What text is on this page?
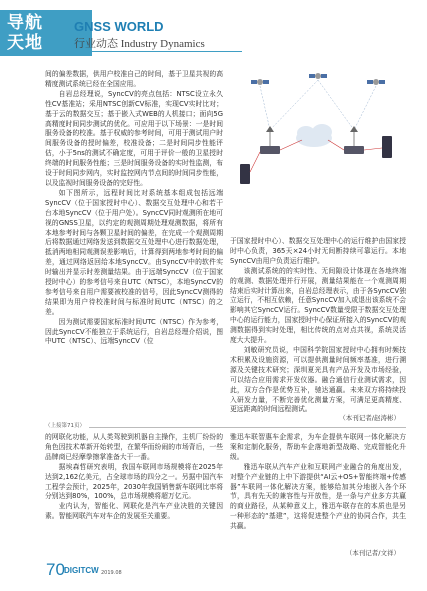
导航
天地
GNSS WORLD
行业动态 Industry Dynamics

间的偏差数据，供用户校准自己的时间，基于卫星共视的高精度测试系统已经在全国应用。

自岩总经理说，SyncCV的亮点包括：NTSC设立永久性CV基准站；采用NTSC创新CV标准，实现CV实时比对；基于云的数据交互；基于嵌入式WEB的人机接口；面向5G高精度时间同步测试的优化。可应用于以下场景：一是时间服务设备的校准。基于权威的参考时间，可用于测试用户时间服务设备的授时偏差，校准设备；二是时间同步性能评估，小于5ns的测试不确定度，可用于评价一般的卫星授时终端的时间服务性能；三是时间服务设备的实时性监测，布设于时间同步网内，实时监控网内节点间的时间同步性能，以及监视时间服务设备的完好性。

如下图所示，远程时间比对系统基本组成包括远端SyncCV（位于国家授时中心）、数据交互处理中心和若干台本地SyncCV（位于用户处）。SyncCV同时观测所在地可视的GNSS卫星，以约定的观测周期处理观测数据，将所有本地参考时间与各颗卫星时间的偏差，在完成一个观测周期后将数据通过网络发送到数据交互处理中心进行数据处理，抵消两地相同观测误差影响后，计算得到两地参考时间的偏差，通过网络返回给本地SyncCV。由SyncCV中的软件实时输出并显示时差测量结果。由于远端SyncCV（位于国家授时中心）的参考信号来自UTC（NTSC），本地SyncCV的参考信号来自用户需要被校准的信号，因此SyncCV测得的结果即为用户待校准时间与标准时间UTC（NTSC）的之差。

因为测试需要国家标准时间UTC（NTSC）作为参考，因此SyncCV不能独立于系统运行，自岩总经理介绍说，图中UTC（NTSC）、远端SyncCV（位

于国家授时中心）、数据交互处理中心的运行维护由国家授时中心负责，365天×24小时无间断持续可靠运行。本地SyncCV由用户负责运行维护。

该测试系统的的实时性、无间隙设计体现在各地终端的观测、数据处理并行开展，测量结果能在一个观测周期结束后实时计算出来，自岩总经理表示，由于各SyncCV独立运行，不相互依赖，任意SyncCV加入或退出该系统不会影响其它SyncCV运行。SyncCV数量受限于数据交互处理中心的运行能力，国家授时中心保证所接入的SyncCV的观测数据得到实时处理，相比传统的点对点共视，系统灵活度大大提升。

刘敏研究员说，中国科学院国家授时中心拥有时频技术积累及设施资源，可以提供测量时间频率基准，进行溯源及关键技术研究；深圳夏光具有产品开发及市场经验，可以结合应用需求开发仪器。融合通信行业测试需求，因此，双方合作是优势互补，驰达通赢。未来双方将持续投入研发力量，不断完善优化测量方案，可满足更高精度、更远距离的时间远程测试。

（本刊记者/赵涛彬）
（上接第71页）

的网联化功能，从人类驾驶到机器自主操作，主机厂纷纷的角色因技术革新开始转型，在繁华而纷闹的市场背后，一些品牌商已经摩拳擦掌准备大干一番。

据埃森哲研究表明，我国车联网市场规模将在2025年达到2,162亿美元，占全球市场的四分之一。另据中国汽车工程学会预计，2025年，2030年我国销售新车联网比率将分别达到80%，100%，总市场规模将超万亿元。

业内认为，智能化、网联化是汽车产业决胜的关键因素。智能网联汽车对车企的发展至关重要。

雅迅车联智惠车企需求，为车企提供车联网一体化解决方案和定制化服务，帮助车企落地新型战略、完成智能化升级。

雅迅车联从汽车产业和互联网产业融合的角度出发，对整个产业链的上中下游提供“AI云+OS+智能终端+传感器”车联网一体化解决方案，能够给加其分地嵌入各个环节，具有先天的兼容性与开放性，是一条与产业多方共赢的商业路径，从某种意义上，雅迅车联存在的本质也是另一种形态的“基建”，这将促进整个产业的协同合作，共生共赢。

（本刊记者/文祥）
70 DIGITCW 2019.08
